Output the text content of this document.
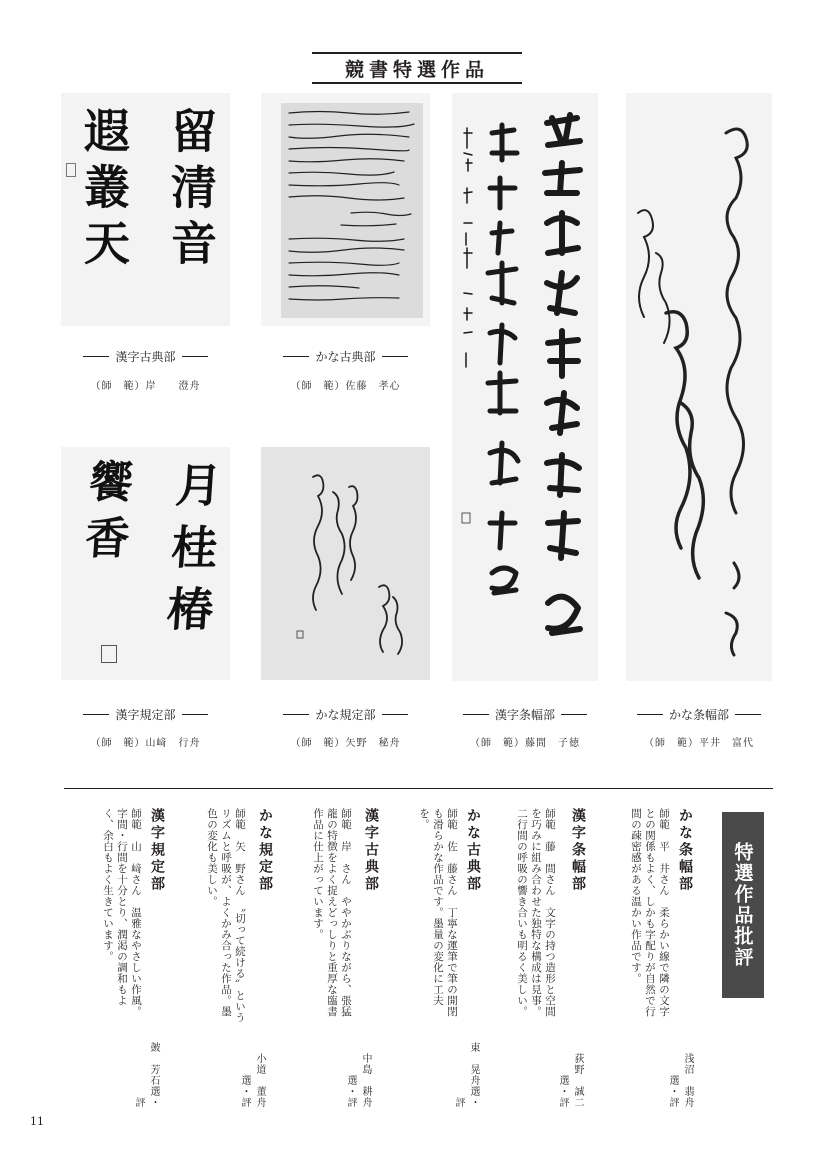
競書特選作品
留清音
遐叢天
漢字古典部
（師　範）岸　　澄舟
かな古典部
（師　範）佐藤　孝心
漢字条幅部
（師　範）藤間　子徳
かな条幅部
（師　範）平井　富代
月桂椿
饗香
漢字規定部
（師　範）山﨑　行舟
かな規定部
（師　範）矢野　秘舟
特選作品批評
かな条幅部
師範　平　井さん　柔らかい線で隣の文字との関係もよく、しかも字配りが自然で行間の疎密感がある温かい作品です。
浅沼　翡舟選・評
漢字条幅部
師範　藤　間さん　文字の持つ造形と空間を巧みに組み合わせた独特な構成は見事。二行間の呼吸の響き合いも明るく美しい。
荻野　誠二選・評
かな古典部
師範　佐　藤さん　丁寧な運筆で筆の開閉も滑らかな作品です。墨量の変化に工夫を。
東　晃舟選・評
漢字古典部
師範　岸　さん　ややかぶりながら、張猛龍の特徴をよく捉えどっしりと重厚な臨書作品に仕上がっています。
中島　耕舟選・評
かな規定部
師範　矢　野さん　〝切って続ける〟というリズムと呼吸が、よくかみ合った作品。墨色の変化も美しい。
小道　董舟選・評
漢字規定部
師範　山　﨑さん　温雅なやさしい作風。字間・行間を十分とり、潤渇の調和もよく、余白もよく生きています。
皷　芳石選・評
11
